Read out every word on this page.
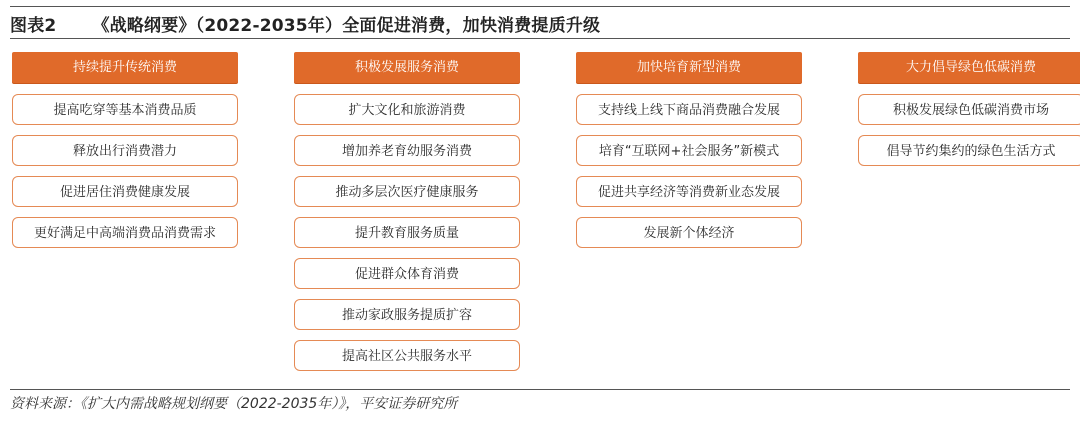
图表2 《战略纲要》（2022-2035年）全面促进消费，加快消费提质升级
持续提升传统消费
提高吃穿等基本消费品质
释放出行消费潜力
促进居住消费健康发展
更好满足中高端消费品消费需求
积极发展服务消费
扩大文化和旅游消费
增加养老育幼服务消费
推动多层次医疗健康服务
提升教育服务质量
促进群众体育消费
推动家政服务提质扩容
提高社区公共服务水平
加快培育新型消费
支持线上线下商品消费融合发展
培育“互联网+社会服务”新模式
促进共享经济等消费新业态发展
发展新个体经济
大力倡导绿色低碳消费
积极发展绿色低碳消费市场
倡导节约集约的绿色生活方式
资料来源：《扩大内需战略规划纲要（2022-2035年）》，平安证券研究所
